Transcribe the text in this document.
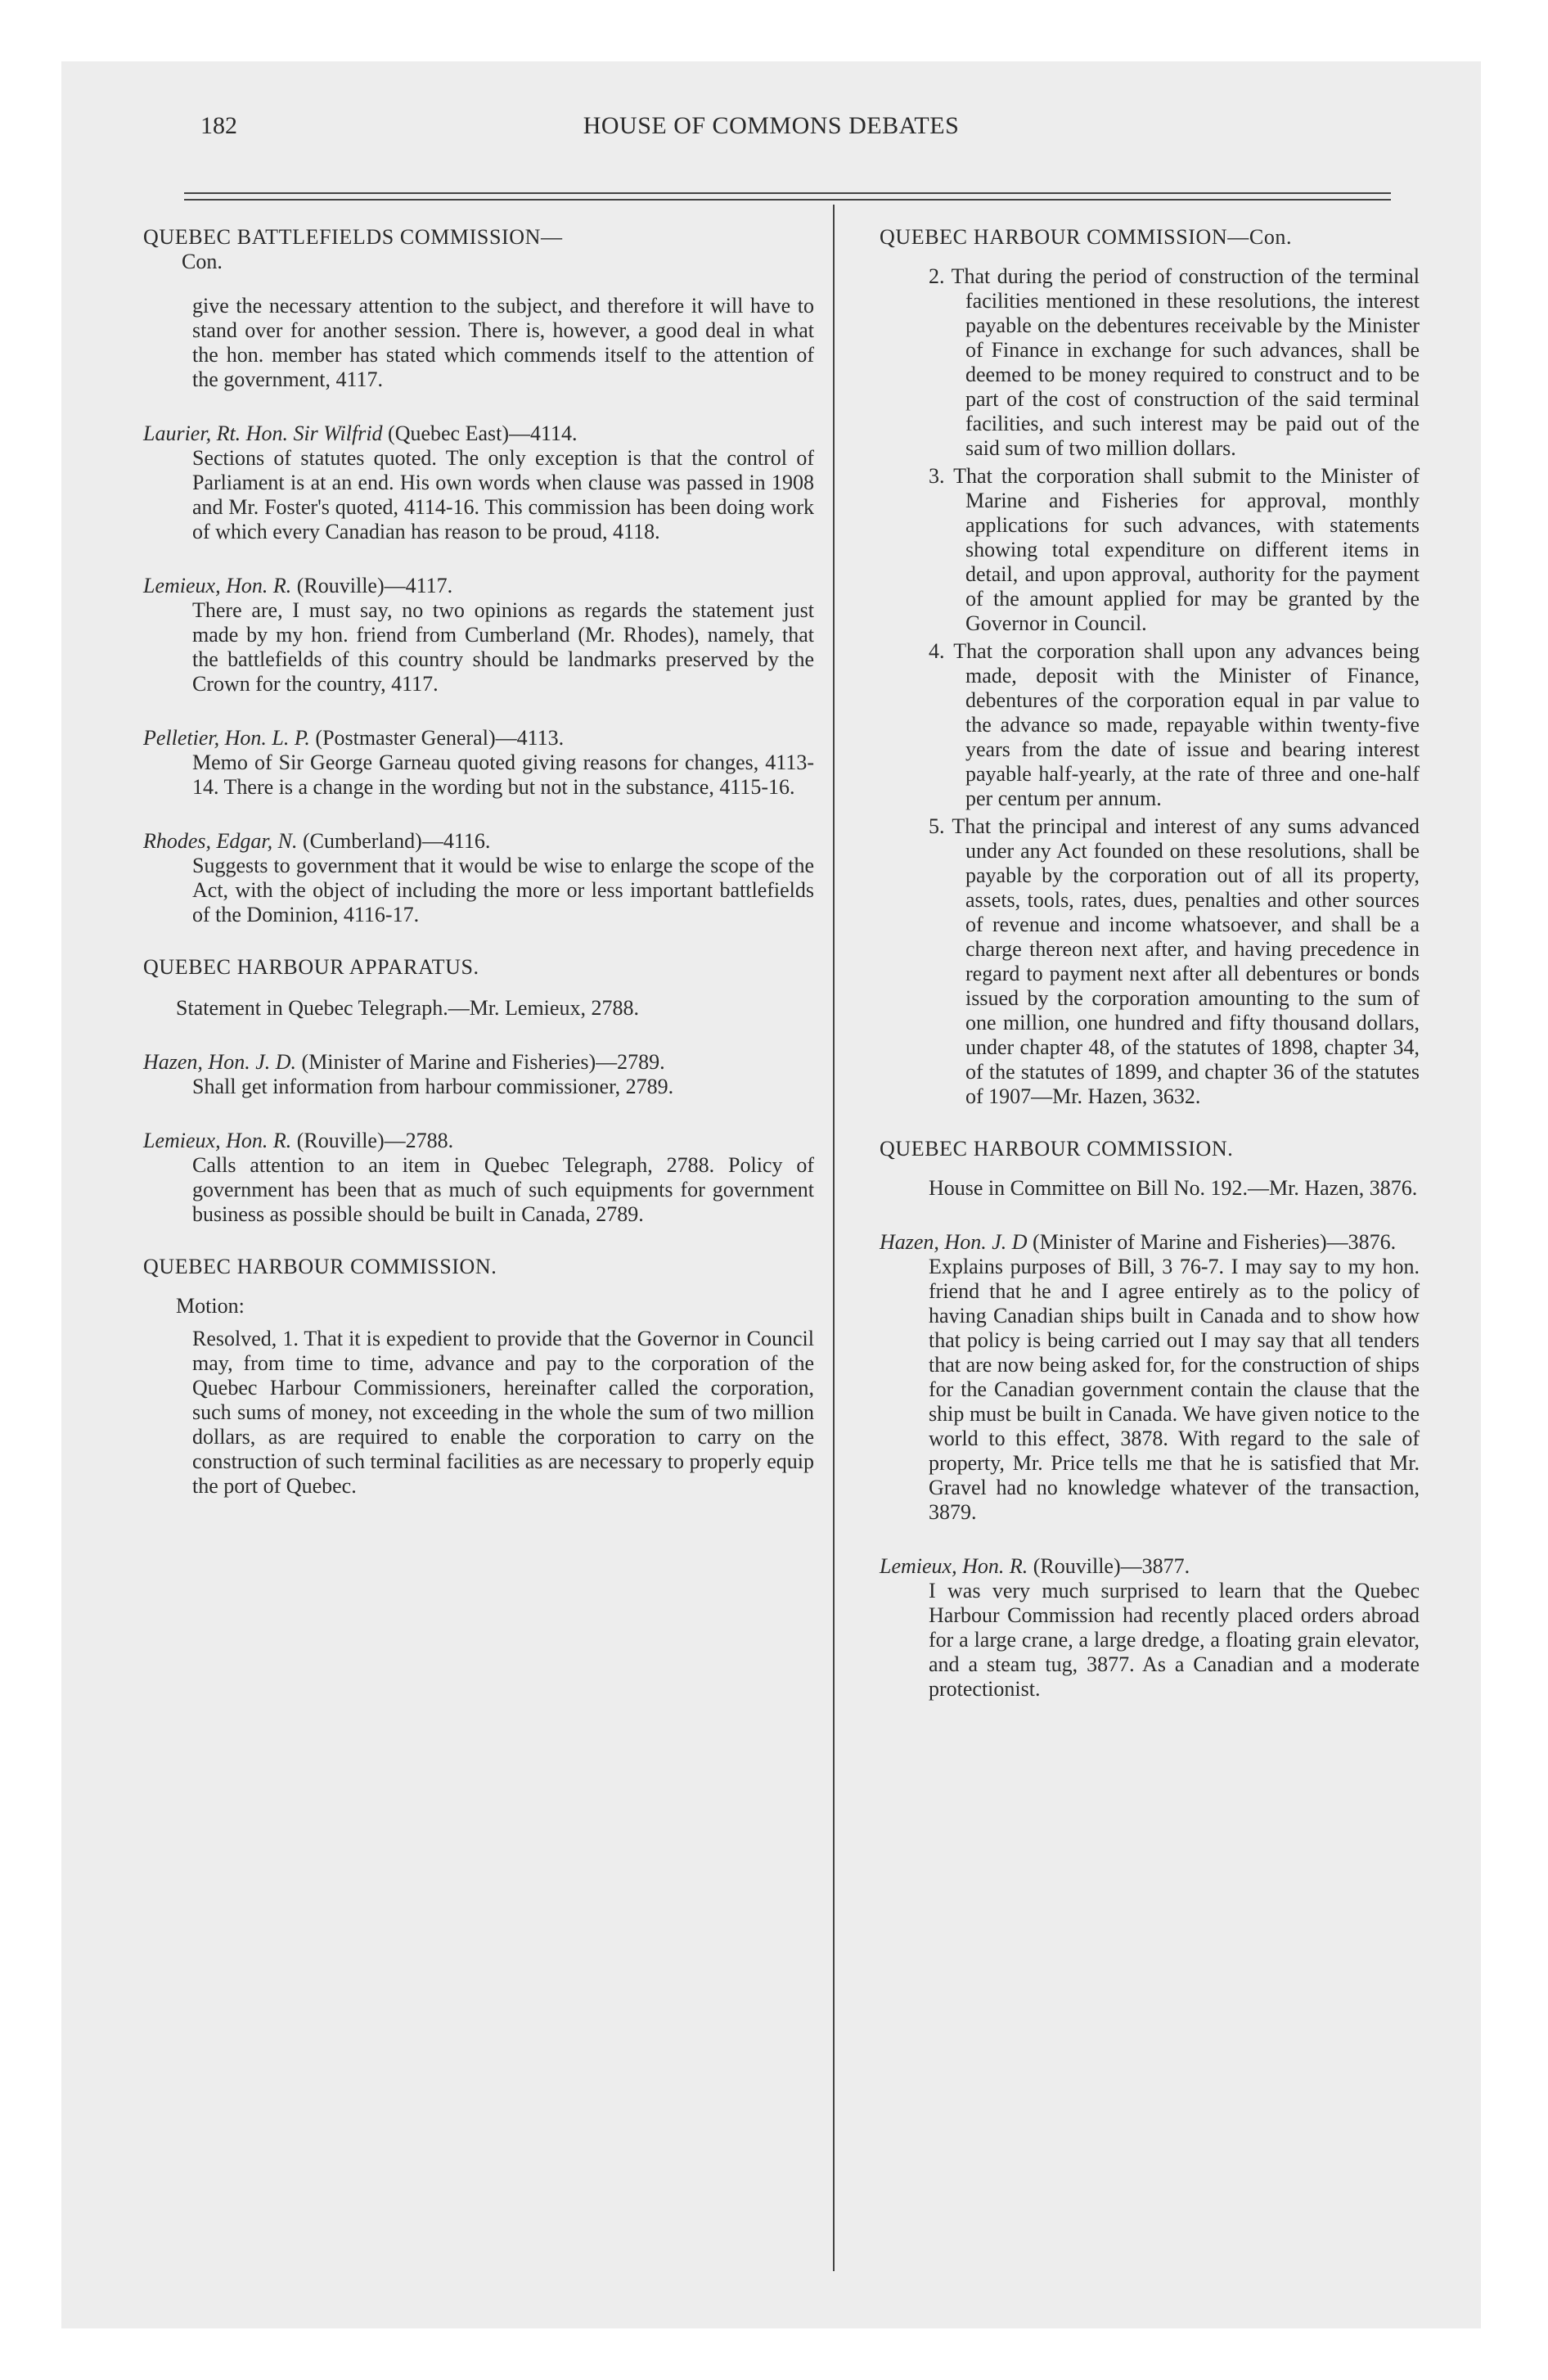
182	HOUSE OF COMMONS DEBATES
QUEBEC BATTLEFIELDS COMMISSION—
Con.
give the necessary attention to the subject, and therefore it will have to stand over for another session. There is, however, a good deal in what the hon. member has stated which commends itself to the attention of the government, 4117.
Laurier, Rt. Hon. Sir Wilfrid (Quebec East)—4114.
Sections of statutes quoted. The only exception is that the control of Parliament is at an end. His own words when clause was passed in 1908 and Mr. Foster's quoted, 4114-16. This commission has been doing work of which every Canadian has reason to be proud, 4118.
Lemieux, Hon. R. (Rouville)—4117.
There are, I must say, no two opinions as regards the statement just made by my hon. friend from Cumberland (Mr. Rhodes), namely, that the battlefields of this country should be landmarks preserved by the Crown for the country, 4117.
Pelletier, Hon. L. P. (Postmaster General)—4113.
Memo of Sir George Garneau quoted giving reasons for changes, 4113-14. There is a change in the wording but not in the substance, 4115-16.
Rhodes, Edgar, N. (Cumberland)—4116.
Suggests to government that it would be wise to enlarge the scope of the Act, with the object of including the more or less important battlefields of the Dominion, 4116-17.
QUEBEC HARBOUR APPARATUS.
Statement in Quebec Telegraph.—Mr. Lemieux, 2788.
Hazen, Hon. J. D. (Minister of Marine and Fisheries)—2789.
Shall get information from harbour commissioner, 2789.
Lemieux, Hon. R. (Rouville)—2788.
Calls attention to an item in Quebec Telegraph, 2788. Policy of government has been that as much of such equipments for government business as possible should be built in Canada, 2789.
QUEBEC HARBOUR COMMISSION.
Motion:
Resolved, 1. That it is expedient to provide that the Governor in Council may, from time to time, advance and pay to the corporation of the Quebec Harbour Commissioners, hereinafter called the corporation, such sums of money, not exceeding in the whole the sum of two million dollars, as are required to enable the corporation to carry on the construction of such terminal facilities as are necessary to properly equip the port of Quebec.
QUEBEC HARBOUR COMMISSION—Con.
2. That during the period of construction of the terminal facilities mentioned in these resolutions, the interest payable on the debentures receivable by the Minister of Finance in exchange for such advances, shall be deemed to be money required to construct and to be part of the cost of construction of the said terminal facilities, and such interest may be paid out of the said sum of two million dollars.
3. That the corporation shall submit to the Minister of Marine and Fisheries for approval, monthly applications for such advances, with statements showing total expenditure on different items in detail, and upon approval, authority for the payment of the amount applied for may be granted by the Governor in Council.
4. That the corporation shall upon any advances being made, deposit with the Minister of Finance, debentures of the corporation equal in par value to the advance so made, repayable within twenty-five years from the date of issue and bearing interest payable half-yearly, at the rate of three and one-half per centum per annum.
5. That the principal and interest of any sums advanced under any Act founded on these resolutions, shall be payable by the corporation out of all its property, assets, tools, rates, dues, penalties and other sources of revenue and income whatsoever, and shall be a charge thereon next after, and having precedence in regard to payment next after all debentures or bonds issued by the corporation amounting to the sum of one million, one hundred and fifty thousand dollars, under chapter 48, of the statutes of 1898, chapter 34, of the statutes of 1899, and chapter 36 of the statutes of 1907—Mr. Hazen, 3632.
QUEBEC HARBOUR COMMISSION.
House in Committee on Bill No. 192.—Mr. Hazen, 3876.
Hazen, Hon. J. D (Minister of Marine and Fisheries)—3876.
Explains purposes of Bill, 3 76-7. I may say to my hon. friend that he and I agree entirely as to the policy of having Canadian ships built in Canada and to show how that policy is being carried out I may say that all tenders that are now being asked for, for the construction of ships for the Canadian government contain the clause that the ship must be built in Canada. We have given notice to the world to this effect, 3878. With regard to the sale of property, Mr. Price tells me that he is satisfied that Mr. Gravel had no knowledge whatever of the transaction, 3879.
Lemieux, Hon. R. (Rouville)—3877.
I was very much surprised to learn that the Quebec Harbour Commission had recently placed orders abroad for a large crane, a large dredge, a floating grain elevator, and a steam tug, 3877. As a Canadian and a moderate protectionist.
